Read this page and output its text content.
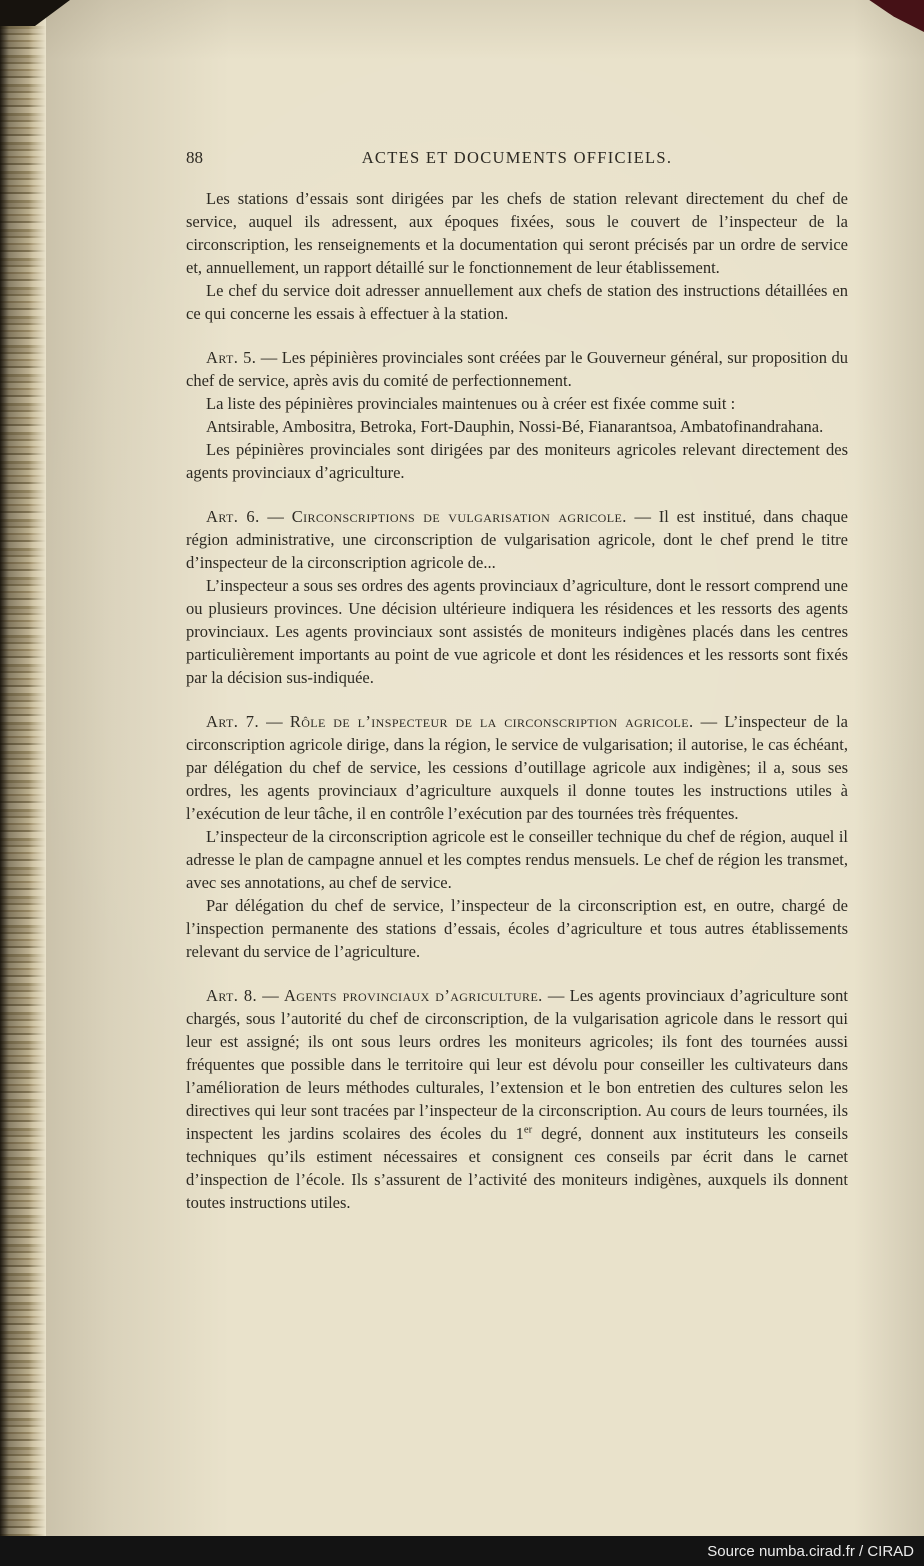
88	ACTES ET DOCUMENTS OFFICIELS.

Les stations d’essais sont dirigées par les chefs de station relevant directement du chef de service, auquel ils adressent, aux époques fixées, sous le couvert de l’inspecteur de la circonscription, les renseignements et la documentation qui seront précisés par un ordre de service et, annuellement, un rapport détaillé sur le fonctionnement de leur établissement.

Le chef du service doit adresser annuellement aux chefs de station des instructions détaillées en ce qui concerne les essais à effectuer à la station.

Art. 5. — Les pépinières provinciales sont créées par le Gouverneur général, sur proposition du chef de service, après avis du comité de perfectionnement.

La liste des pépinières provinciales maintenues ou à créer est fixée comme suit :

Antsirable, Ambositra, Betroka, Fort-Dauphin, Nossi-Bé, Fianarantsoa, Ambatofinandrahana.

Les pépinières provinciales sont dirigées par des moniteurs agricoles relevant directement des agents provinciaux d’agriculture.

Art. 6. — Circonscriptions de vulgarisation agricole. — Il est institué, dans chaque région administrative, une circonscription de vulgarisation agricole, dont le chef prend le titre d’inspecteur de la circonscription agricole de...

L’inspecteur a sous ses ordres des agents provinciaux d’agriculture, dont le ressort comprend une ou plusieurs provinces. Une décision ultérieure indiquera les résidences et les ressorts des agents provinciaux. Les agents provinciaux sont assistés de moniteurs indigènes placés dans les centres particulièrement importants au point de vue agricole et dont les résidences et les ressorts sont fixés par la décision sus-indiquée.

Art. 7. — Rôle de l’inspecteur de la circonscription agricole. — L’inspecteur de la circonscription agricole dirige, dans la région, le service de vulgarisation; il autorise, le cas échéant, par délégation du chef de service, les cessions d’outillage agricole aux indigènes; il a, sous ses ordres, les agents provinciaux d’agriculture auxquels il donne toutes les instructions utiles à l’exécution de leur tâche, il en contrôle l’exécution par des tournées très fréquentes.

L’inspecteur de la circonscription agricole est le conseiller technique du chef de région, auquel il adresse le plan de campagne annuel et les comptes rendus mensuels. Le chef de région les transmet, avec ses annotations, au chef de service.

Par délégation du chef de service, l’inspecteur de la circonscription est, en outre, chargé de l’inspection permanente des stations d’essais, écoles d’agriculture et tous autres établissements relevant du service de l’agriculture.

Art. 8. — Agents provinciaux d’agriculture. — Les agents provinciaux d’agriculture sont chargés, sous l’autorité du chef de circonscription, de la vulgarisation agricole dans le ressort qui leur est assigné; ils ont sous leurs ordres les moniteurs agricoles; ils font des tournées aussi fréquentes que possible dans le territoire qui leur est dévolu pour conseiller les cultivateurs dans l’amélioration de leurs méthodes culturales, l’extension et le bon entretien des cultures selon les directives qui leur sont tracées par l’inspecteur de la circonscription. Au cours de leurs tournées, ils inspectent les jardins scolaires des écoles du 1er degré, donnent aux instituteurs les conseils techniques qu’ils estiment nécessaires et consignent ces conseils par écrit dans le carnet d’inspection de l’école. Ils s’assurent de l’activité des moniteurs indigènes, auxquels ils donnent toutes instructions utiles.

Source numba.cirad.fr / CIRAD
